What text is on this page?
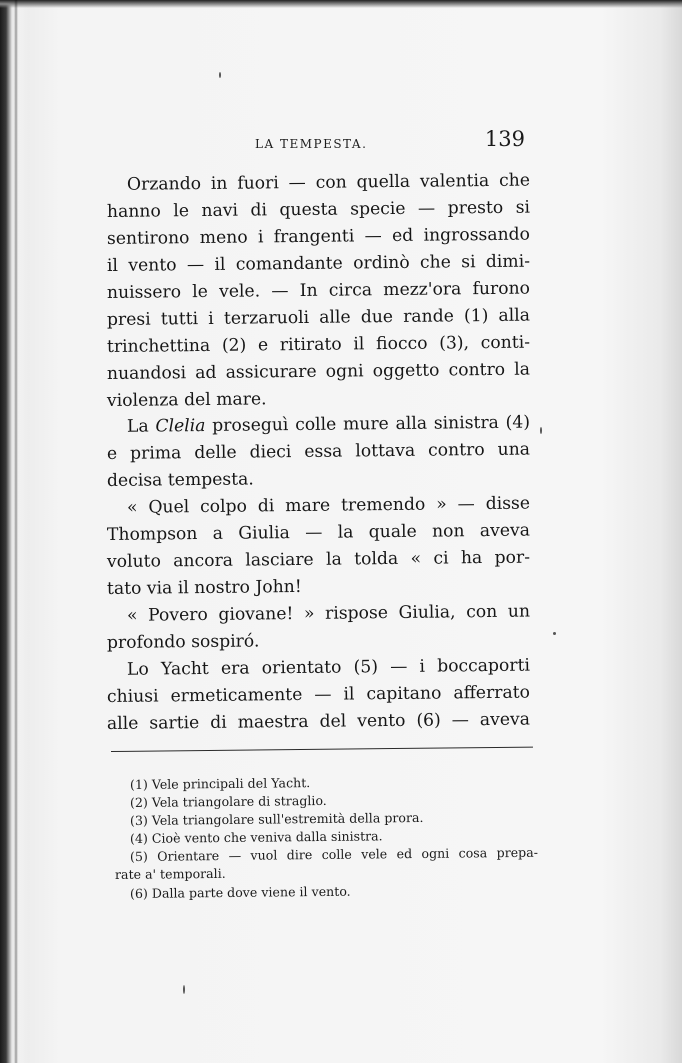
LA TEMPESTA.	139
Orzando in fuori — con quella valentia che
hanno le navi di questa specie — presto si
sentirono meno i frangenti — ed ingrossando
il vento — il comandante ordinò che si dimi-
nuissero le vele. — In circa mezz'ora furono
presi tutti i terzaruoli alle due rande (1) alla
trinchettina (2) e ritirato il fiocco (3), conti-
nuandosi ad assicurare ogni oggetto contro la
violenza del mare.
La Clelia proseguì colle mure alla sinistra (4)
e prima delle dieci essa lottava contro una
decisa tempesta.
« Quel colpo di mare tremendo » — disse
Thompson a Giulia — la quale non aveva
voluto ancora lasciare la tolda « ci ha por-
tato via il nostro John!
« Povero giovane! » rispose Giulia, con un
profondo sospiró.
Lo Yacht era orientato (5) — i boccaporti
chiusi ermeticamente — il capitano afferrato
alle sartie di maestra del vento (6) — aveva
(1) Vele principali del Yacht.
(2) Vela triangolare di straglio.
(3) Vela triangolare sull'estremità della prora.
(4) Cioè vento che veniva dalla sinistra.
(5) Orientare — vuol dire colle vele ed ogni cosa prepa-
rate a' temporali.
(6) Dalla parte dove viene il vento.
